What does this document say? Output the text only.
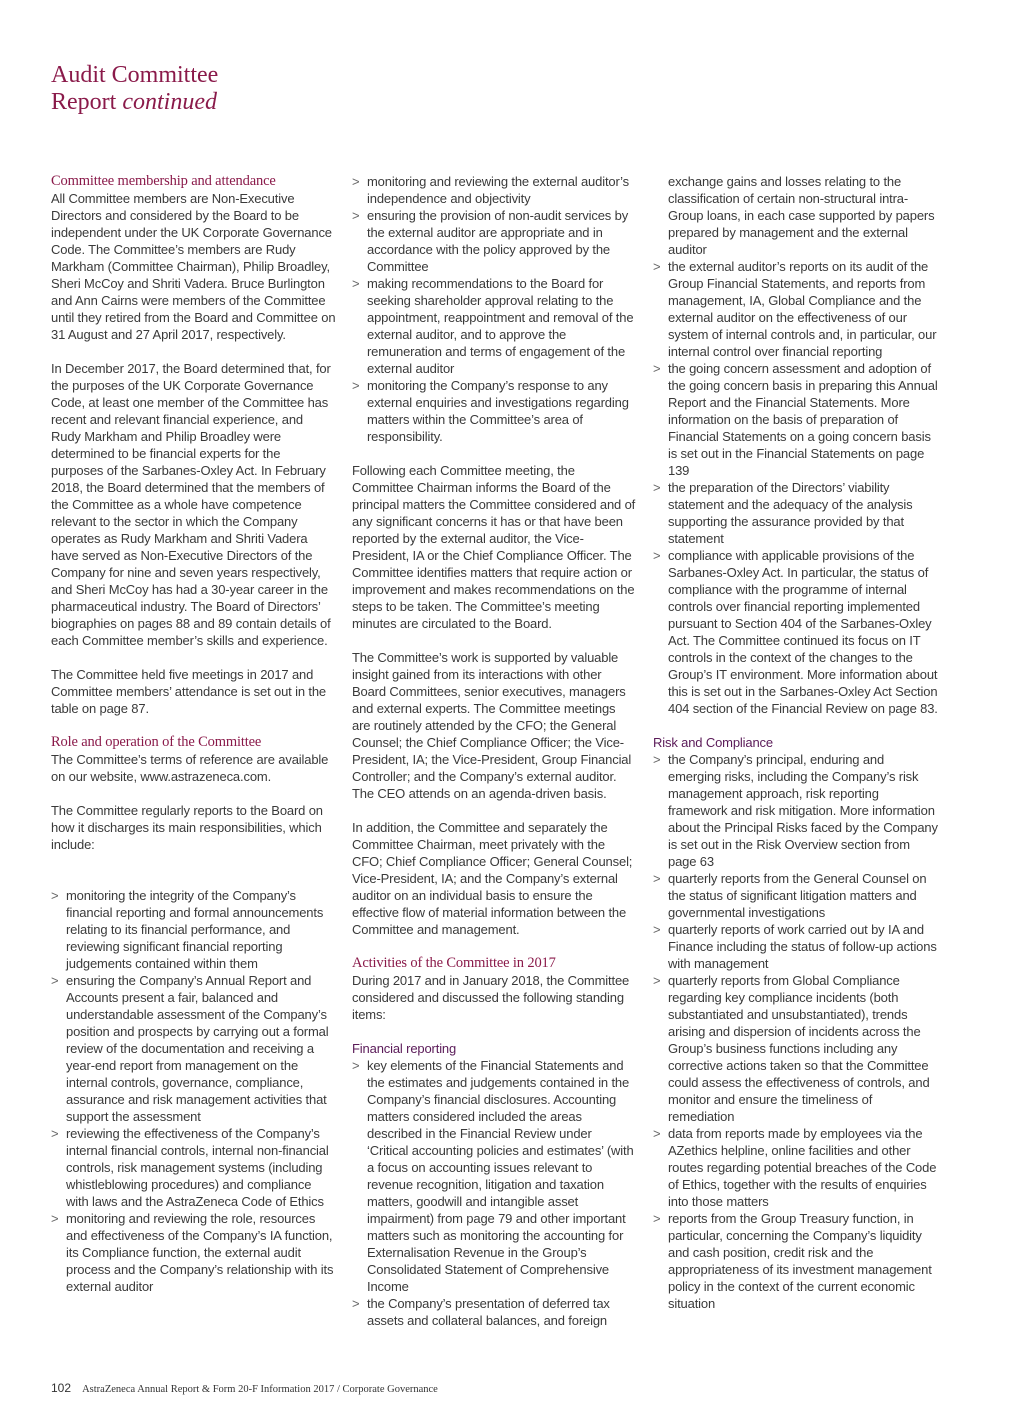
Audit Committee
Report continued
Committee membership and attendance

All Committee members are Non-Executive Directors and considered by the Board to be independent under the UK Corporate Governance Code. The Committee’s members are Rudy Markham (Committee Chairman), Philip Broadley, Sheri McCoy and Shriti Vadera. Bruce Burlington and Ann Cairns were members of the Committee until they retired from the Board and Committee on 31 August and 27 April 2017, respectively.

In December 2017, the Board determined that, for the purposes of the UK Corporate Governance Code, at least one member of the Committee has recent and relevant financial experience, and Rudy Markham and Philip Broadley were determined to be financial experts for the purposes of the Sarbanes-Oxley Act. In February 2018, the Board determined that the members of the Committee as a whole have competence relevant to the sector in which the Company operates as Rudy Markham and Shriti Vadera have served as Non-Executive Directors of the Company for nine and seven years respectively, and Sheri McCoy has had a 30-year career in the pharmaceutical industry. The Board of Directors’ biographies on pages 88 and 89 contain details of each Committee member’s skills and experience.

The Committee held five meetings in 2017 and Committee members’ attendance is set out in the table on page 87.

Role and operation of the Committee

The Committee’s terms of reference are available on our website, www.astrazeneca.com.

The Committee regularly reports to the Board on how it discharges its main responsibilities, which include:

> monitoring the integrity of the Company’s financial reporting and formal announcements relating to its financial performance, and reviewing significant financial reporting judgements contained within them
> ensuring the Company’s Annual Report and Accounts present a fair, balanced and understandable assessment of the Company’s position and prospects by carrying out a formal review of the documentation and receiving a year-end report from management on the internal controls, governance, compliance, assurance and risk management activities that support the assessment
> reviewing the effectiveness of the Company’s internal financial controls, internal non-financial controls, risk management systems (including whistleblowing procedures) and compliance with laws and the AstraZeneca Code of Ethics
> monitoring and reviewing the role, resources and effectiveness of the Company’s IA function, its Compliance function, the external audit process and the Company’s relationship with its external auditor
> monitoring and reviewing the external auditor’s independence and objectivity
> ensuring the provision of non-audit services by the external auditor are appropriate and in accordance with the policy approved by the Committee
> making recommendations to the Board for seeking shareholder approval relating to the appointment, reappointment and removal of the external auditor, and to approve the remuneration and terms of engagement of the external auditor
> monitoring the Company’s response to any external enquiries and investigations regarding matters within the Committee’s area of responsibility.

Following each Committee meeting, the Committee Chairman informs the Board of the principal matters the Committee considered and of any significant concerns it has or that have been reported by the external auditor, the Vice-President, IA or the Chief Compliance Officer. The Committee identifies matters that require action or improvement and makes recommendations on the steps to be taken. The Committee’s meeting minutes are circulated to the Board.

The Committee’s work is supported by valuable insight gained from its interactions with other Board Committees, senior executives, managers and external experts. The Committee meetings are routinely attended by the CFO; the General Counsel; the Chief Compliance Officer; the Vice-President, IA; the Vice-President, Group Financial Controller; and the Company’s external auditor.

The CEO attends on an agenda-driven basis.

In addition, the Committee and separately the Committee Chairman, meet privately with the CFO; Chief Compliance Officer; General Counsel; Vice-President, IA; and the Company’s external auditor on an individual basis to ensure the effective flow of material information between the Committee and management.

Activities of the Committee in 2017

During 2017 and in January 2018, the Committee considered and discussed the following standing items:

Financial reporting
> key elements of the Financial Statements and the estimates and judgements contained in the Company’s financial disclosures. Accounting matters considered included the areas described in the Financial Review under ‘Critical accounting policies and estimates’ (with a focus on accounting issues relevant to revenue recognition, litigation and taxation matters, goodwill and intangible asset impairment) from page 79 and other important matters such as monitoring the accounting for Externalisation Revenue in the Group’s Consolidated Statement of Comprehensive Income
> the Company’s presentation of deferred tax assets and collateral balances, and foreign

exchange gains and losses relating to the classification of certain non-structural intra-Group loans, in each case supported by papers prepared by management and the external auditor

> the external auditor’s reports on its audit of the Group Financial Statements, and reports from management, IA, Global Compliance and the external auditor on the effectiveness of our system of internal controls and, in particular, our internal control over financial reporting
> the going concern assessment and adoption of the going concern basis in preparing this Annual Report and the Financial Statements. More information on the basis of preparation of Financial Statements on a going concern basis is set out in the Financial Statements on page 139
> the preparation of the Directors’ viability statement and the adequacy of the analysis supporting the assurance provided by that statement
> compliance with applicable provisions of the Sarbanes-Oxley Act. In particular, the status of compliance with the programme of internal controls over financial reporting implemented pursuant to Section 404 of the Sarbanes-Oxley Act. The Committee continued its focus on IT controls in the context of the changes to the Group’s IT environment. More information about this is set out in the Sarbanes-Oxley Act Section 404 section of the Financial Review on page 83.
Risk and Compliance
> the Company’s principal, enduring and emerging risks, including the Company’s risk management approach, risk reporting framework and risk mitigation. More information about the Principal Risks faced by the Company is set out in the Risk Overview section from page 63
> quarterly reports from the General Counsel on the status of significant litigation matters and governmental investigations
> quarterly reports of work carried out by IA and Finance including the status of follow-up actions with management
> quarterly reports from Global Compliance regarding key compliance incidents (both substantiated and unsubstantiated), trends arising and dispersion of incidents across the Group’s business functions including any corrective actions taken so that the Committee could assess the effectiveness of controls, and monitor and ensure the timeliness of remediation
> data from reports made by employees via the AZethics helpline, online facilities and other routes regarding potential breaches of the Code of Ethics, together with the results of enquiries into those matters
> reports from the Group Treasury function, in particular, concerning the Company’s liquidity and cash position, credit risk and the appropriateness of its investment management policy in the context of the current economic situation
102 AstraZeneca Annual Report & Form 20-F Information 2017 / Corporate Governance
